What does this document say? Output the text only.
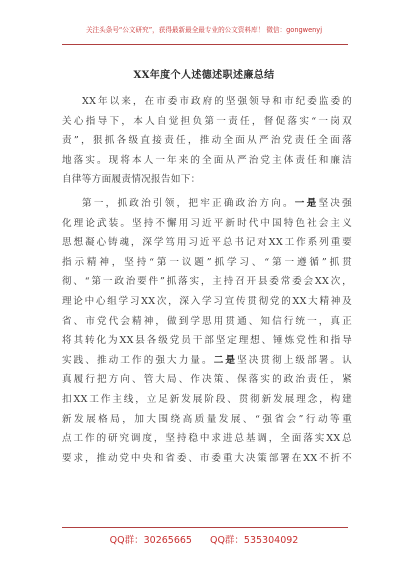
关注头条号“公文研究”，获得最新最全最专业的公文资料库！ 微信：gongwenyj
XX年度个人述德述职述廉总结
XX年以来，在市委市政府的坚强领导和市纪委监委的
关心指导下，本人自觉担负第一责任，督促落实“一岗双
责”，狠抓各级直接责任，推动全面从严治党责任全面落
地落实。现将本人一年来的全面从严治党主体责任和廉洁
自律等方面履责情况报告如下：
第一，抓政治引领，把牢正确政治方向。一是坚决强
化理论武装。坚持不懈用习近平新时代中国特色社会主义
思想凝心铸魂，深学笃用习近平总书记对XX工作系列重要
指示精神，坚持“第一议题”抓学习、“第一遵循”抓贯
彻、“第一政治要件”抓落实，主持召开县委常委会XX次，
理论中心组学习XX次，深入学习宣传贯彻党的XX大精神及
省、市党代会精神，做到学思用贯通、知信行统一，真正
将其转化为XX县各级党员干部坚定理想、锤炼党性和指导
实践、推动工作的强大力量。二是坚决贯彻上级部署。认
真履行把方向、管大局、作决策、保落实的政治责任，紧
扣XX工作主线，立足新发展阶段、贯彻新发展理念，构建
新发展格局，加大围绕高质量发展、“强省会”行动等重
点工作的研究调度，坚持稳中求进总基调，全面落实XX总
要求，推动党中央和省委、市委重大决策部署在XX不折不
QQ群：30265665 QQ群：535304092
